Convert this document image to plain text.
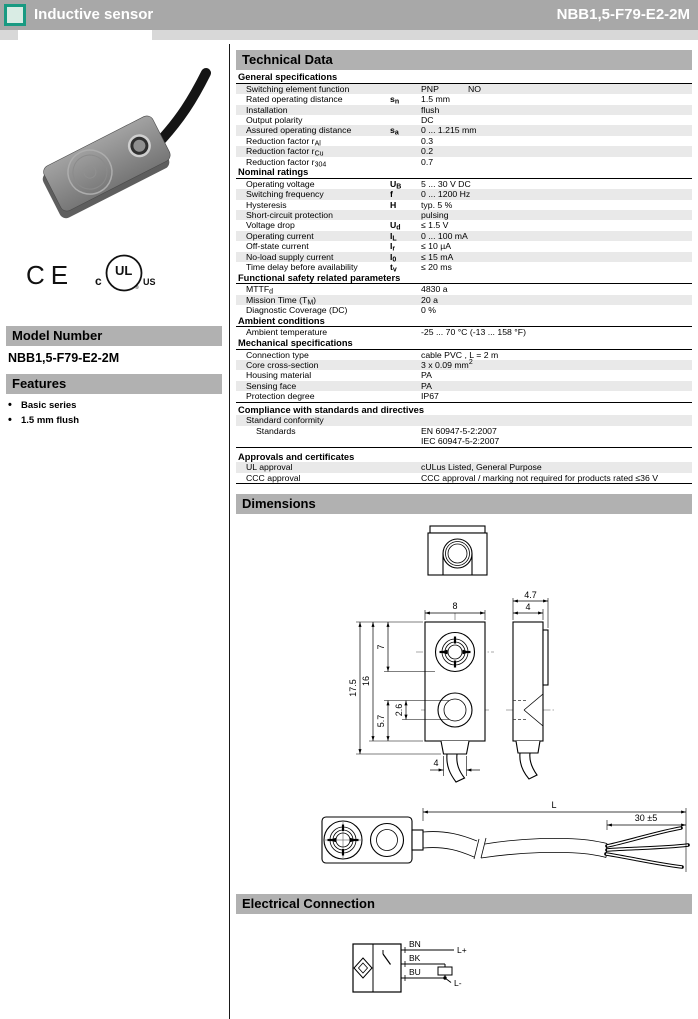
Inductive sensor	NBB1,5-F79-E2-2M
CE	UL
®
c	US
Model Number
NBB1,5-F79-E2-2M
Features
• Basic series
• 1.5 mm flush
Technical Data
General specifications
Switching element function	PNP	NO
Rated operating distance	$s_n$	1.5 mm
Installation	flush
Output polarity	DC
Assured operating distance	$s_a$	0 ... 1.215 mm
Reduction factor $r_{Al}$	0.3
Reduction factor $r_{Cu}$	0.2
Reduction factor $r_{304}$	0.7
Nominal ratings
Operating voltage	$U_B$	5 ... 30 V DC
Switching frequency	f	0 ... 1200 Hz
Hysteresis	H	typ. 5 %
Short-circuit protection	pulsing
Voltage drop	$U_d$	≤ 1.5 V
Operating current	$I_L$	0 ... 100 mA
Off-state current	$I_r$	≤ 10 µA
No-load supply current	$I_0$	≤ 15 mA
Time delay before availability	$t_v$	≤ 20 ms
Functional safety related parameters
$MTTF_d$	4830 a
Mission Time $(T_M)$	20 a
Diagnostic Coverage (DC)	0 %
Ambient conditions
Ambient temperature	-25 ... 70 °C (-13 ... 158 °F)
Mechanical specifications
Connection type	cable PVC , L = 2 m
Core cross-section	3 x 0.09 $mm^2$
Housing material	PA
Sensing face	PA
Protection degree	IP67
Compliance with standards and directives
Standard conformity
Standards	EN 60947-5-2:2007
IEC 60947-5-2:2007
Approvals and certificates
UL approval	cULus Listed, General Purpose
CCC approval	CCC approval / marking not required for products rated ≤36 V
Dimensions
8
17.5 16
7
5.7
2.6
4
4.7
4
L
30 ±5
Electrical Connection
BN
BK
BU
L+
L-
